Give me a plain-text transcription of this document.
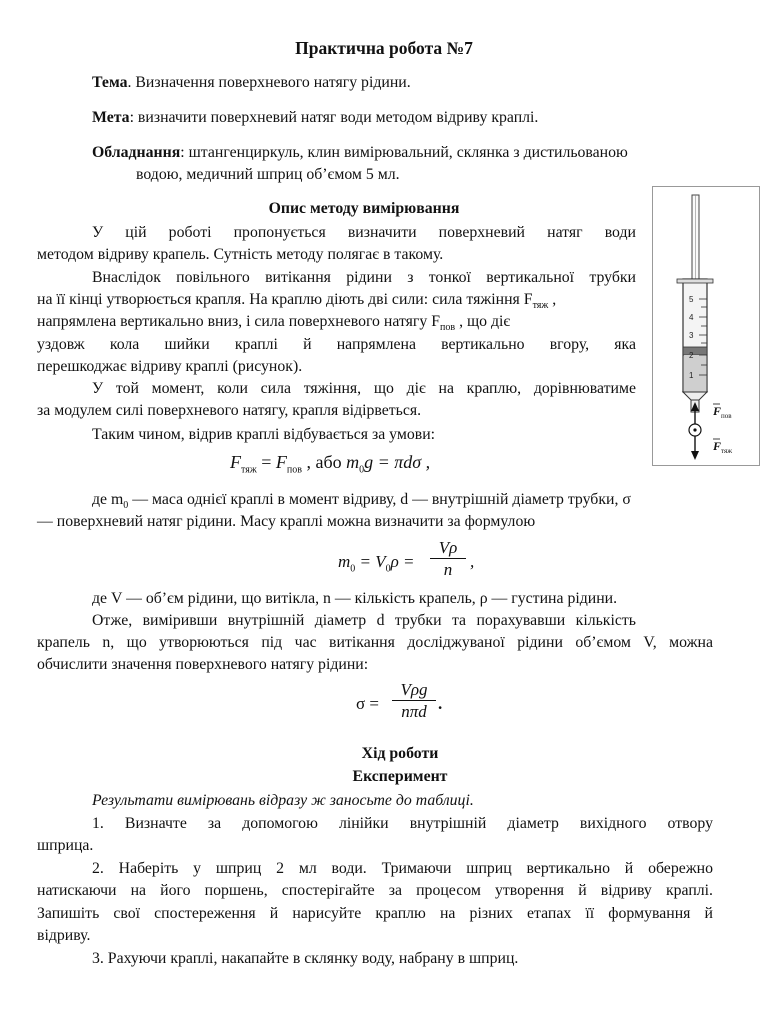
Практична робота №7
Тема. Визначення поверхневого натягу рідини.
Мета: визначити поверхневий натяг води методом відриву краплі.
Обладнання: штангенциркуль, клин вимірювальний, склянка з дистильованою
водою, медичний шприц об’ємом 5 мл.
Опис методу вимірювання
У цій роботі пропонується визначити поверхневий натяг води
методом відриву крапель. Сутність методу полягає в такому.
Внаслідок повільного витікання рідини з тонкої вертикальної трубки
на її кінці утворюється крапля. На краплю діють дві сили: сила тяжіння $F_{тяж}$ ,
напрямлена вертикально вниз, і сила поверхневого натягу $F_{пов}$ , що діє
уздовж кола шийки краплі й напрямлена вертикально вгору, яка
перешкоджає відриву краплі (рисунок).
У той момент, коли сила тяжіння, що діє на краплю, дорівнюватиме
за модулем силі поверхневого натягу, крапля відірветься.
Таким чином, відрив краплі відбувається за умови:
$F_{тяж} = F_{пов}$ , або $m_0g = \pi d\sigma$ ,
де $m_0$ — маса однієї краплі в момент відриву, d — внутрішній діаметр трубки, σ
— поверхневий натяг рідини. Масу краплі можна визначити за формулою
$m_0 = V_0\rho$ =
Vρ
n	,
де V — об’єм рідини, що витікла, n — кількість крапель, ρ — густина рідини.
Отже, виміривши внутрішній діаметр d трубки та порахувавши кількість
крапель n, що утворюються під час витікання досліджуваної рідини об’ємом V, можна
обчислити значення поверхневого натягу рідини:
σ =
Vρg
nπd .
Хід роботи
Експеримент
Результати вимірювань відразу ж заносьте до таблиці.
1. Визначте за допомогою лінійки внутрішній діаметр вихідного отвору
шприца.
2. Наберіть у шприц 2 мл води. Тримаючи шприц вертикально й обережно
натискаючи на його поршень, спостерігайте за процесом утворення й відриву краплі.
Запишіть свої спостереження й нарисуйте краплю на різних етапах її формування й
відриву.
3. Рахуючи краплі, накапайте в склянку воду, набрану в шприц.
5
4
3
2
1
$F_{пов}$
$F_{тяж}$
